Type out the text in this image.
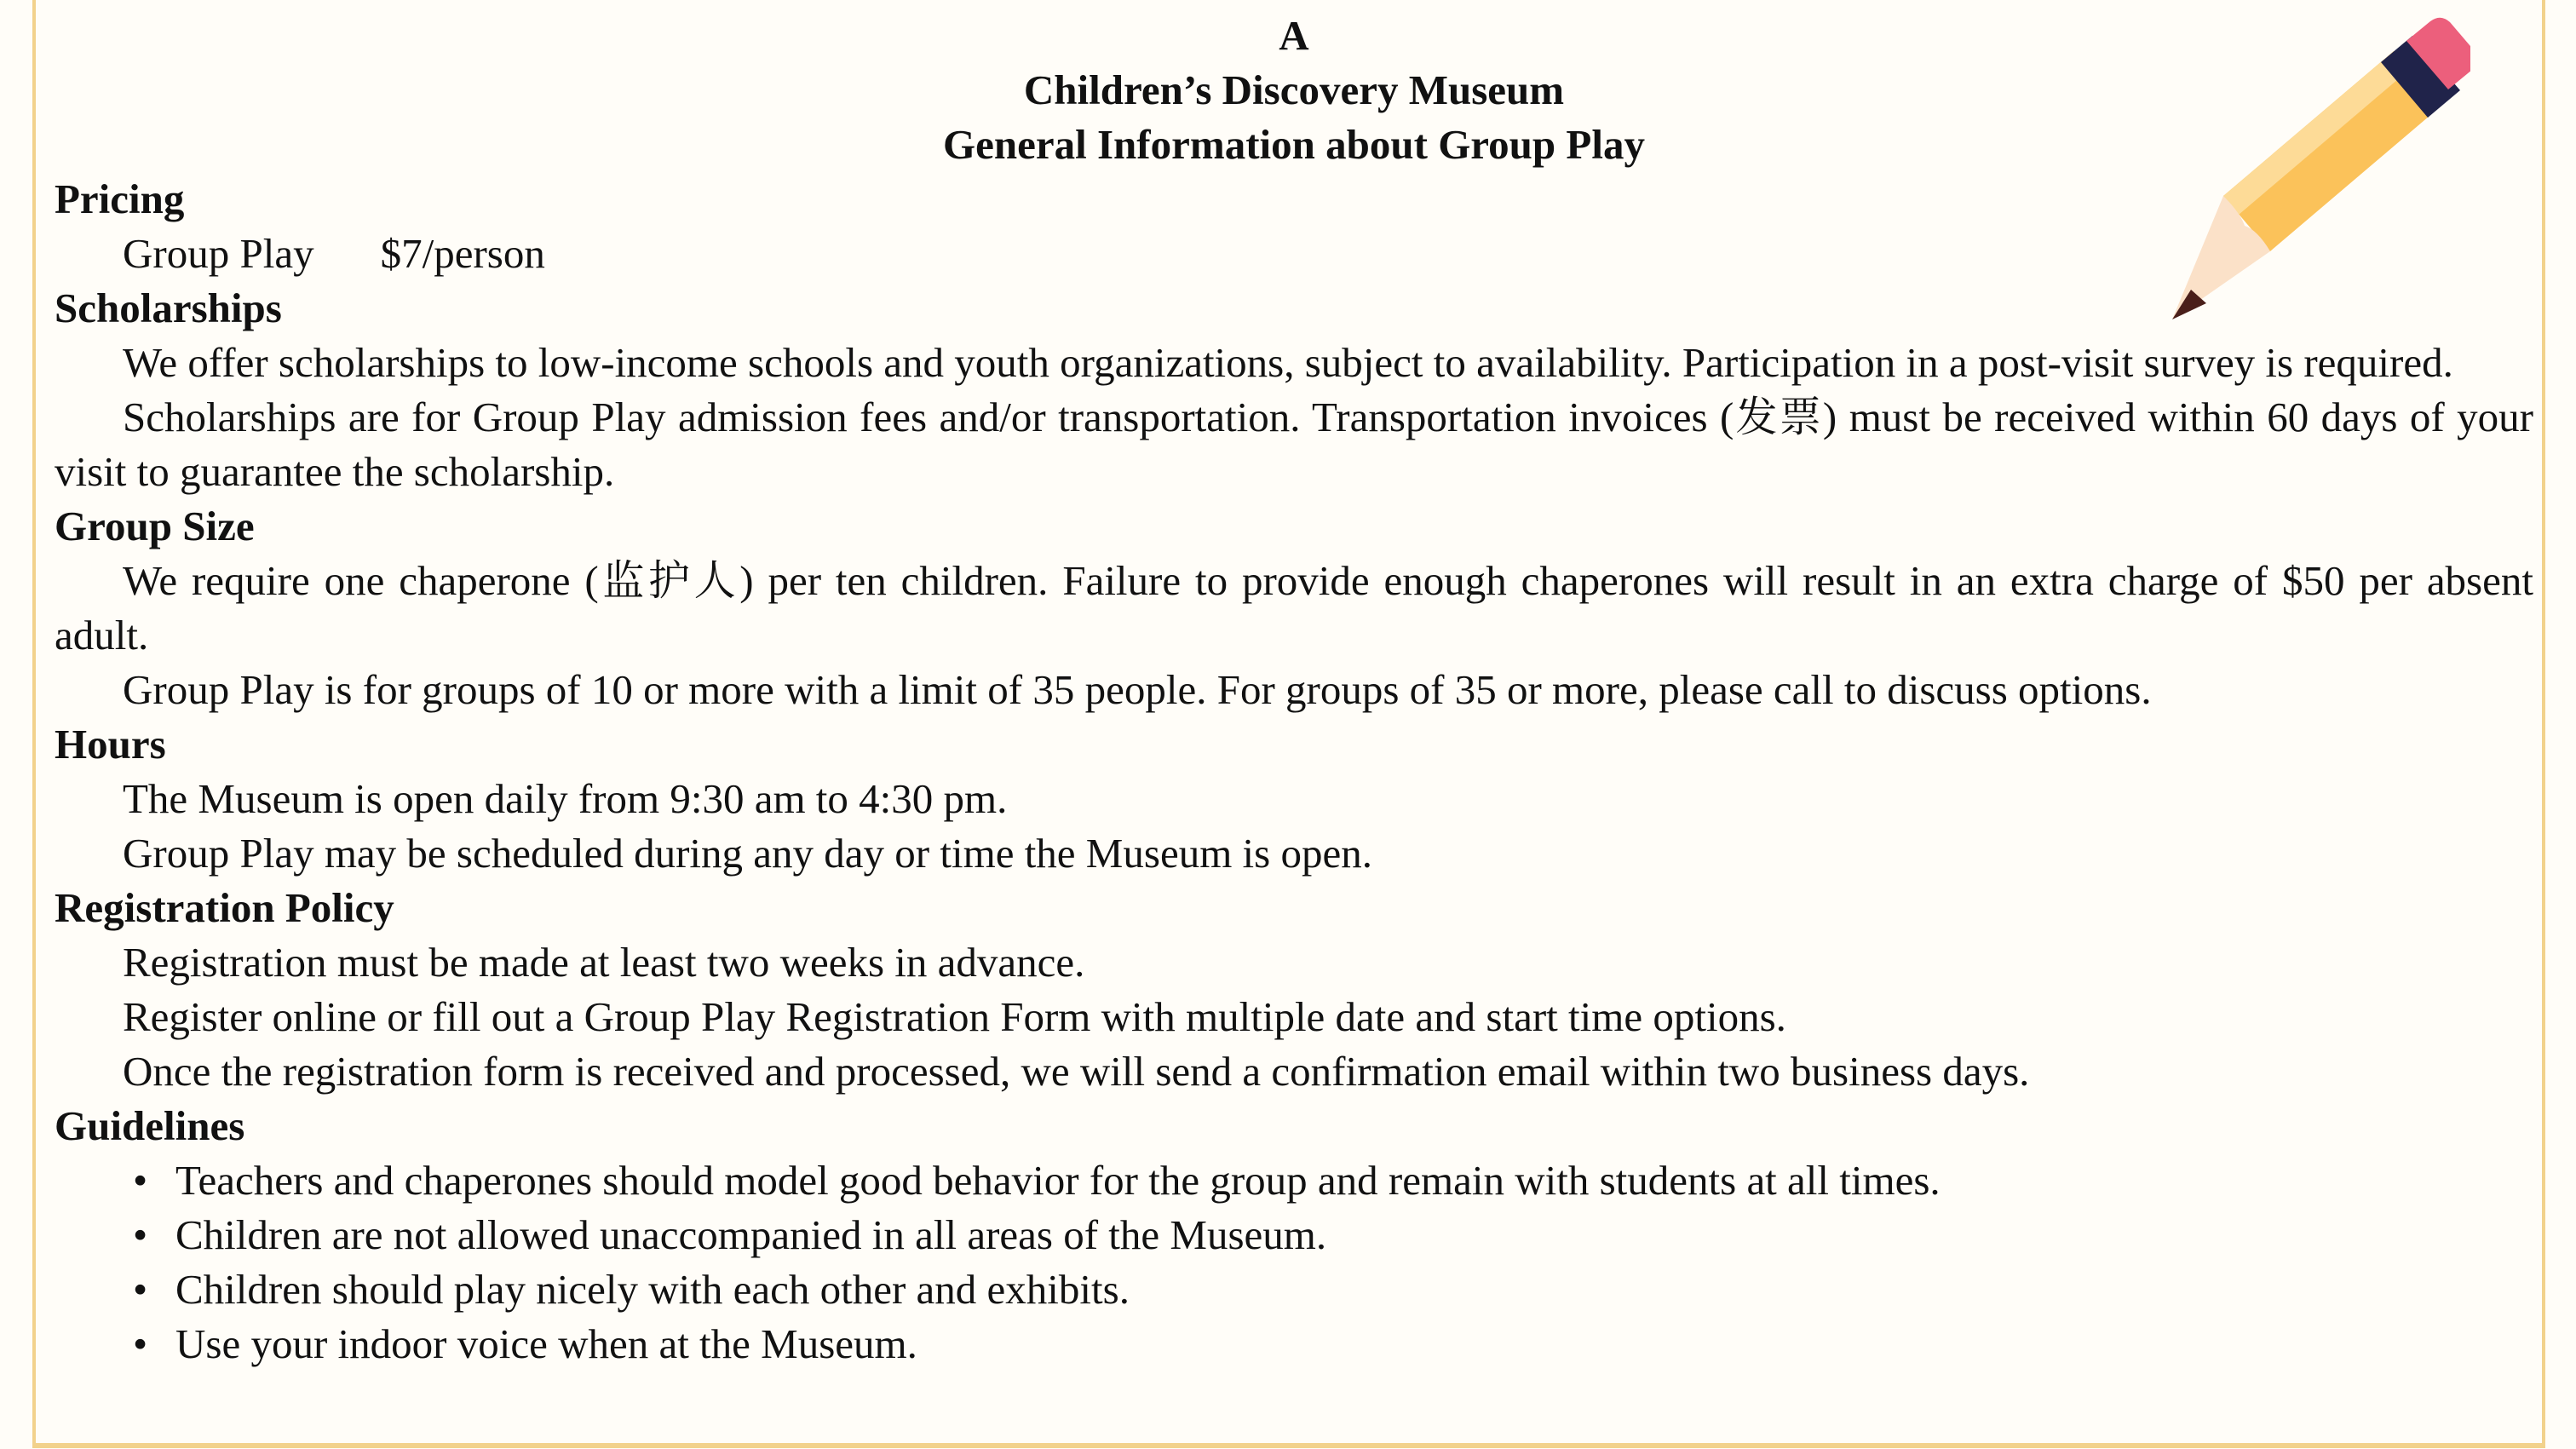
A
Children’s Discovery Museum
General Information about Group Play
Pricing
Group Play $7/person
Scholarships

We offer scholarships to low-income schools and youth organizations, subject to availability. Participation in a post-visit survey is required.

Scholarships are for Group Play admission fees and/or transportation. Transportation invoices (发票) must be received within 60 days of your visit to guarantee the scholarship.

Group Size

We require one chaperone (监护人) per ten children. Failure to provide enough chaperones will result in an extra charge of $50 per absent adult.

Group Play is for groups of 10 or more with a limit of 35 people. For groups of 35 or more, please call to discuss options.

Hours

The Museum is open daily from 9:30 am to 4:30 pm.

Group Play may be scheduled during any day or time the Museum is open.

Registration Policy

Registration must be made at least two weeks in advance.

Register online or fill out a Group Play Registration Form with multiple date and start time options.

Once the registration form is received and processed, we will send a confirmation email within two business days.

Guidelines
• Teachers and chaperones should model good behavior for the group and remain with students at all times.
• Children are not allowed unaccompanied in all areas of the Museum.
• Children should play nicely with each other and exhibits.
• Use your indoor voice when at the Museum.
